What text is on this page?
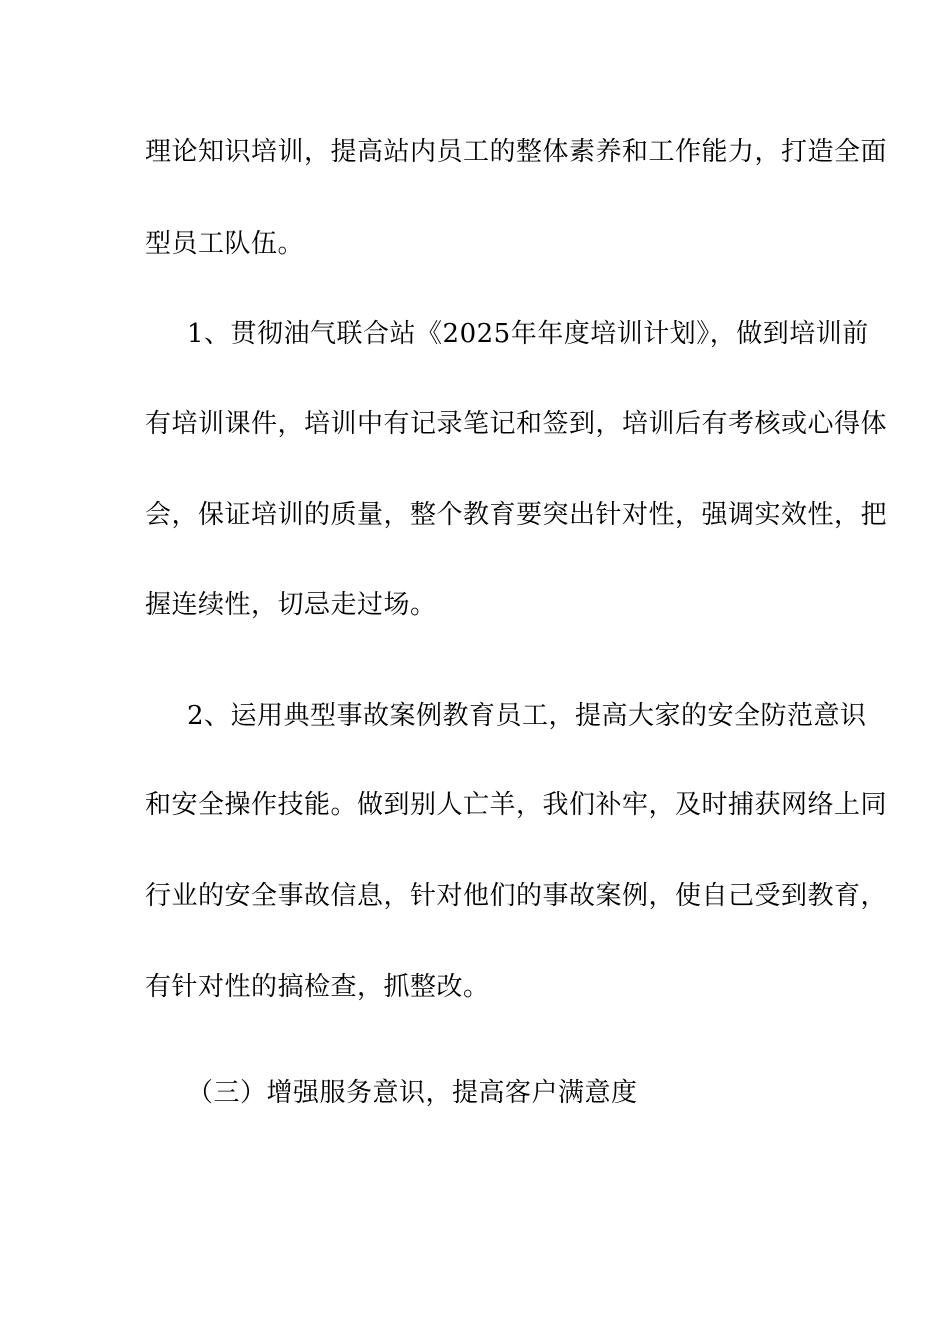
理论知识培训，提高站内员工的整体素养和工作能力，打造全面
型员工队伍。
1、贯彻油气联合站《2025年年度培训计划》，做到培训前
有培训课件，培训中有记录笔记和签到，培训后有考核或心得体
会，保证培训的质量，整个教育要突出针对性，强调实效性，把
握连续性，切忌走过场。
2、运用典型事故案例教育员工，提高大家的安全防范意识
和安全操作技能。做到别人亡羊，我们补牢，及时捕获网络上同
行业的安全事故信息，针对他们的事故案例，使自己受到教育，
有针对性的搞检查，抓整改。
（三）增强服务意识，提高客户满意度
